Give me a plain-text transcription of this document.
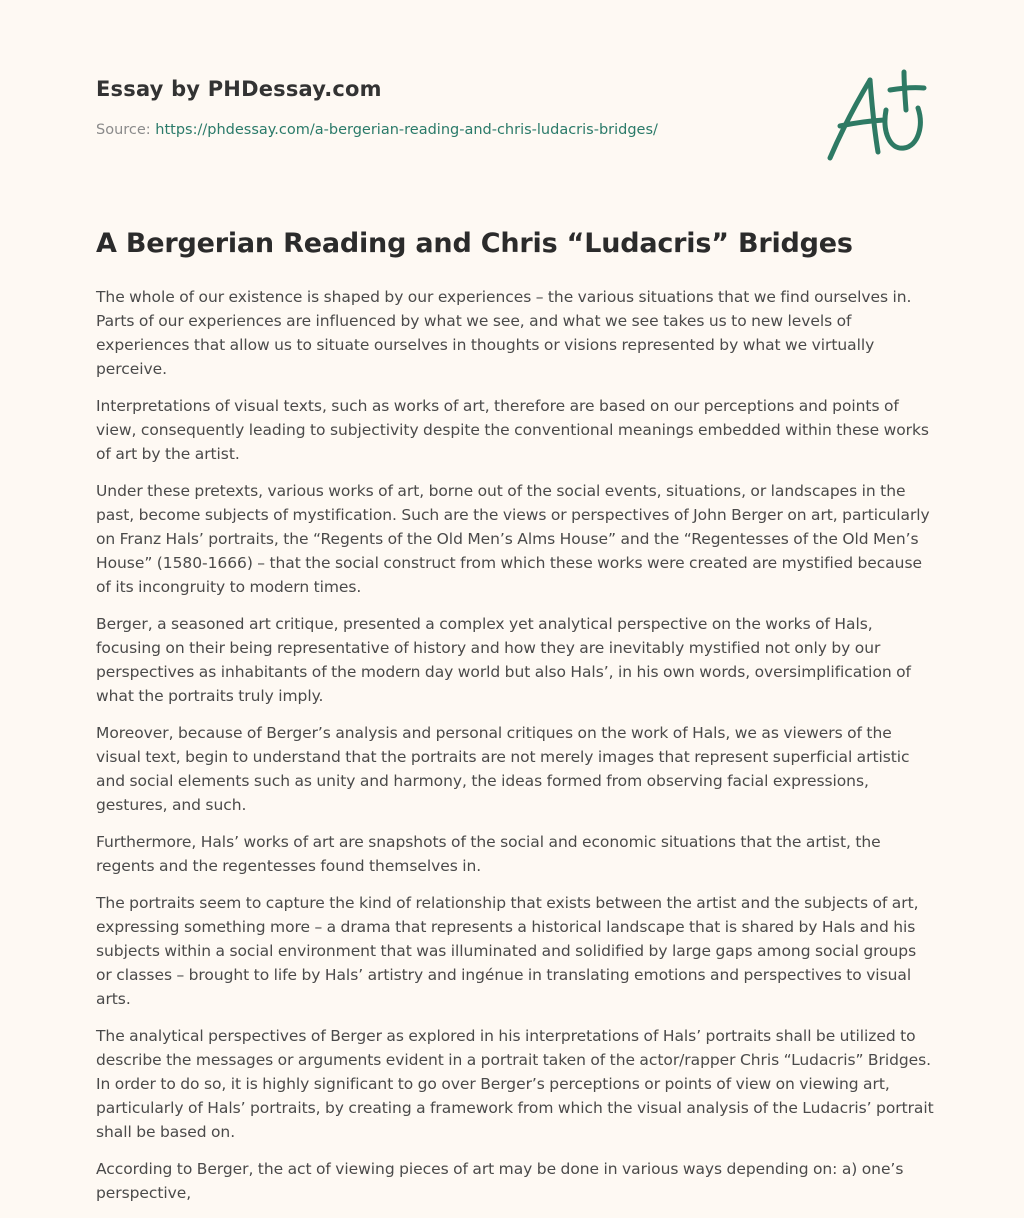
Essay by PHDessay.com
Source: https://phdessay.com/a-bergerian-reading-and-chris-ludacris-bridges/
A Bergerian Reading and Chris “Ludacris” Bridges

The whole of our existence is shaped by our experiences – the various situations that we find ourselves in. Parts of our experiences are influenced by what we see, and what we see takes us to new levels of experiences that allow us to situate ourselves in thoughts or visions represented by what we virtually perceive.

Interpretations of visual texts, such as works of art, therefore are based on our perceptions and points of view, consequently leading to subjectivity despite the conventional meanings embedded within these works of art by the artist.

Under these pretexts, various works of art, borne out of the social events, situations, or landscapes in the past, become subjects of mystification. Such are the views or perspectives of John Berger on art, particularly on Franz Hals’ portraits, the “Regents of the Old Men’s Alms House” and the “Regentesses of the Old Men’s House” (1580-1666) – that the social construct from which these works were created are mystified because of its incongruity to modern times.

Berger, a seasoned art critique, presented a complex yet analytical perspective on the works of Hals, focusing on their being representative of history and how they are inevitably mystified not only by our perspectives as inhabitants of the modern day world but also Hals’, in his own words, oversimplification of what the portraits truly imply.

Moreover, because of Berger’s analysis and personal critiques on the work of Hals, we as viewers of the visual text, begin to understand that the portraits are not merely images that represent superficial artistic and social elements such as unity and harmony, the ideas formed from observing facial expressions, gestures, and such.

Furthermore, Hals’ works of art are snapshots of the social and economic situations that the artist, the regents and the regentesses found themselves in.

The portraits seem to capture the kind of relationship that exists between the artist and the subjects of art, expressing something more – a drama that represents a historical landscape that is shared by Hals and his subjects within a social environment that was illuminated and solidified by large gaps among social groups or classes – brought to life by Hals’ artistry and ingénue in translating emotions and perspectives to visual arts.

The analytical perspectives of Berger as explored in his interpretations of Hals’ portraits shall be utilized to describe the messages or arguments evident in a portrait taken of the actor/rapper Chris “Ludacris” Bridges. In order to do so, it is highly significant to go over Berger’s perceptions or points of view on viewing art, particularly of Hals’ portraits, by creating a framework from which the visual analysis of the Ludacris’ portrait shall be based on.

According to Berger, the act of viewing pieces of art may be done in various ways depending on: a) one’s perspective,
